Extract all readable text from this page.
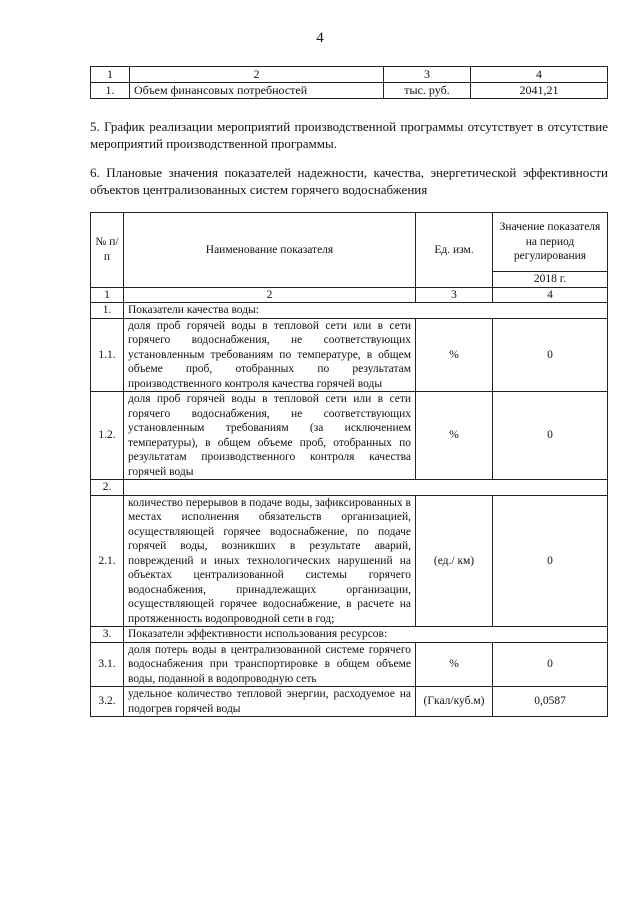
4
1	2	3	4
1.	Объем финансовых потребностей	тыс. руб.	2041,21
5. График реализации мероприятий производственной программы отсутствует в отсутствие мероприятий производственной программы.
6. Плановые значения показателей надежности, качества, энергетической эффективности объектов централизованных систем горячего водоснабжения
№ п/п	Наименование показателя	Ед. изм.	Значение показателя на период регулирования
			2018 г.
1	2	3	4
1.	Показатели качества воды:		
1.1.	доля проб горячей воды в тепловой сети или в сети горячего водоснабжения, не соответствующих установленным требованиям по температуре, в общем объеме проб, отобранных по результатам производственного контроля качества горячей воды	%	0
1.2.	доля проб горячей воды в тепловой сети или в сети горячего водоснабжения, не соответствующих установленным требованиям (за исключением температуры), в общем объеме проб, отобранных по результатам производственного контроля качества горячей воды	%	0
2.			
2.1.	количество перерывов в подаче воды, зафиксированных в местах исполнения обязательств организацией, осуществляющей горячее водоснабжение, по подаче горячей воды, возникших в результате аварий, повреждений и иных технологических нарушений на объектах централизованной системы горячего водоснабжения, принадлежащих организации, осуществляющей горячее водоснабжение, в расчете на протяженность водопроводной сети в год;	(ед./ км)	0
3.	Показатели эффективности использования ресурсов:		
3.1.	доля потерь воды в централизованной системе горячего водоснабжения при транспортировке в общем объеме воды, поданной в водопроводную сеть	%	0
3.2.	удельное количество тепловой энергии, расходуемое на подогрев горячей воды	(Гкал/куб.м)	0,0587
